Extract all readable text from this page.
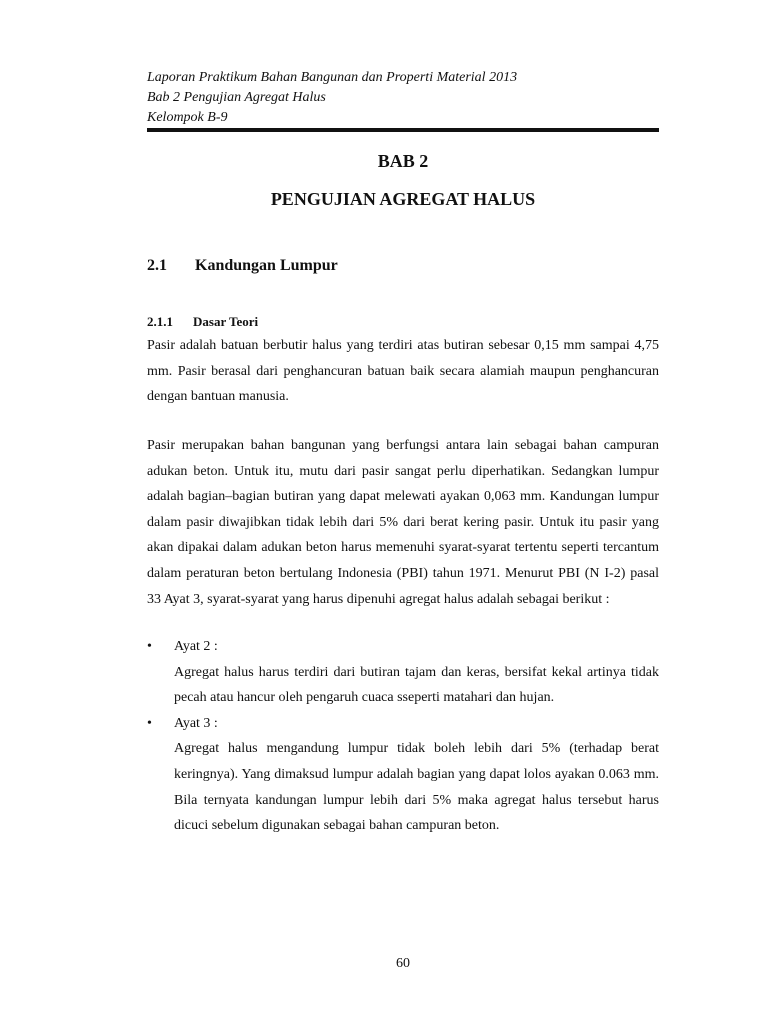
Laporan Praktikum Bahan Bangunan dan Properti Material 2013
Bab 2 Pengujian Agregat Halus
Kelompok B-9
BAB 2
PENGUJIAN AGREGAT HALUS
2.1 Kandungan Lumpur
2.1.1 Dasar Teori

Pasir adalah batuan berbutir halus yang terdiri atas butiran sebesar 0,15 mm sampai 4,75 mm. Pasir berasal dari penghancuran batuan baik secara alamiah maupun penghancuran dengan bantuan manusia.

Pasir merupakan bahan bangunan yang berfungsi antara lain sebagai bahan campuran adukan beton. Untuk itu, mutu dari pasir sangat perlu diperhatikan. Sedangkan lumpur adalah bagian–bagian butiran yang dapat melewati ayakan 0,063 mm. Kandungan lumpur dalam pasir diwajibkan tidak lebih dari 5% dari berat kering pasir. Untuk itu pasir yang akan dipakai dalam adukan beton harus memenuhi syarat-syarat tertentu seperti tercantum dalam peraturan beton bertulang Indonesia (PBI) tahun 1971. Menurut PBI (N I-2) pasal 33 Ayat 3, syarat-syarat yang harus dipenuhi agregat halus adalah sebagai berikut :

•	Ayat 2 :
Agregat halus harus terdiri dari butiran tajam dan keras, bersifat kekal artinya tidak pecah atau hancur oleh pengaruh cuaca sseperti matahari dan hujan.
•	Ayat 3 :
Agregat halus mengandung lumpur tidak boleh lebih dari 5% (terhadap berat keringnya). Yang dimaksud lumpur adalah bagian yang dapat lolos ayakan 0.063 mm. Bila ternyata kandungan lumpur lebih dari 5% maka agregat halus tersebut harus dicuci sebelum digunakan sebagai bahan campuran beton.
60
